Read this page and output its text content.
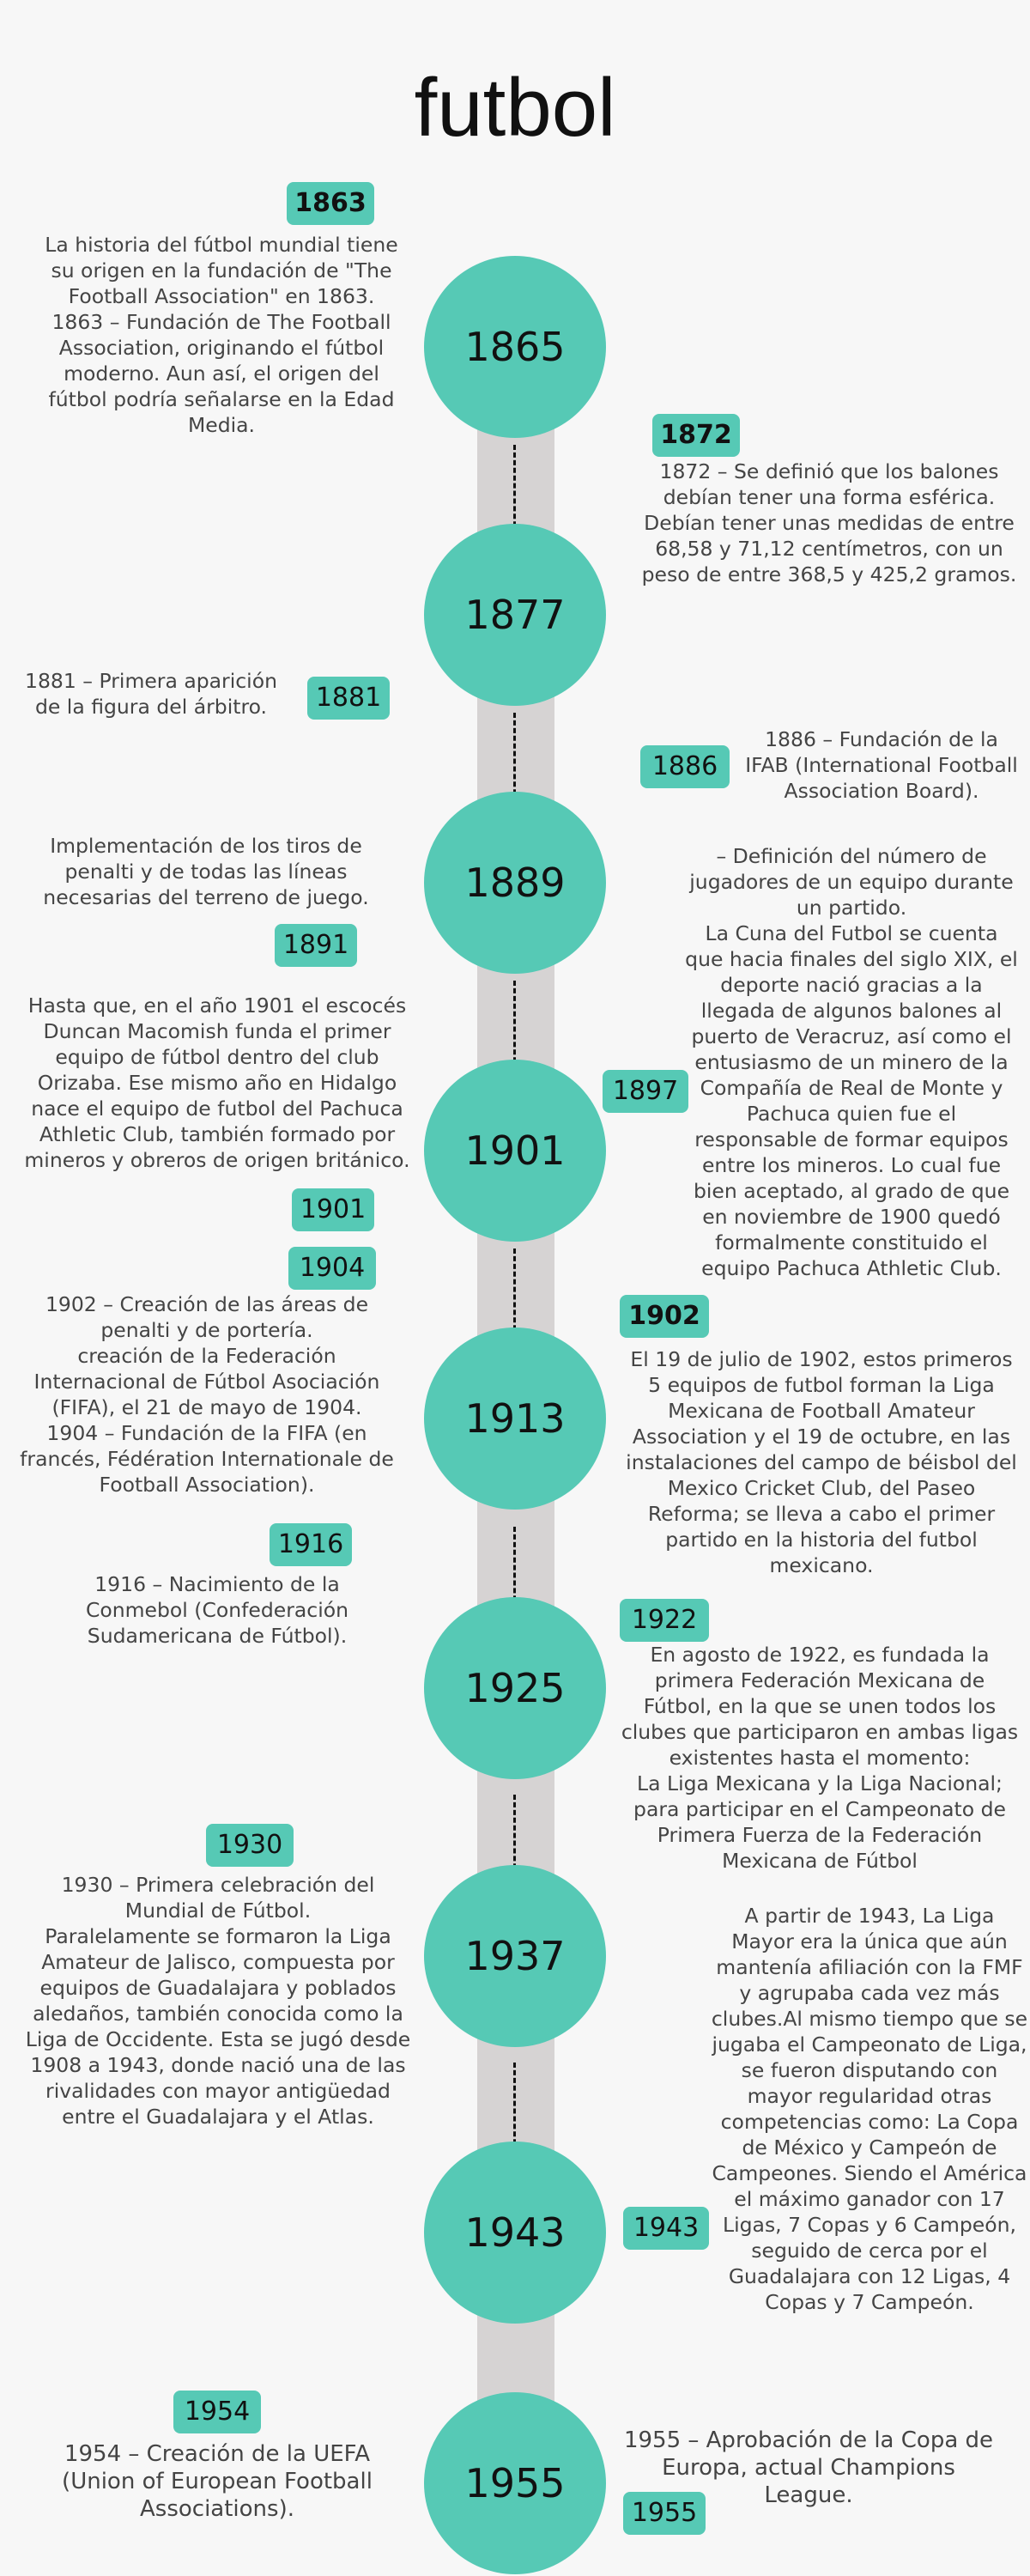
futbol
1865
1877
1889
1901
1913
1925
1937
1943
1955
1863
1872
1881
1886
1891
1897
1901
1904
1902
1916
1922
1930
1943
1954
1955

La historia del fútbol mundial tiene su origen en la fundación de "The Football Association" en 1863.
1863 – Fundación de The Football Association, originando el fútbol moderno. Aun así, el origen del fútbol podría señalarse en la Edad Media.

1872 – Se definió que los balones debían tener una forma esférica. Debían tener unas medidas de entre 68,58 y 71,12 centímetros, con un peso de entre 368,5 y 425,2 gramos.

1881 – Primera aparición de la figura del árbitro.

1886 – Fundación de la IFAB (International Football Association Board).

Implementación de los tiros de penalti y de todas las líneas necesarias del terreno de juego.

– Definición del número de jugadores de un equipo durante un partido.
La Cuna del Futbol se cuenta que hacia finales del siglo XIX, el deporte nació gracias a la llegada de algunos balones al puerto de Veracruz, así como el entusiasmo de un minero de la Compañía de Real de Monte y Pachuca quien fue el responsable de formar equipos entre los mineros. Lo cual fue bien aceptado, al grado de que en noviembre de 1900 quedó formalmente constituido el equipo Pachuca Athletic Club.

Hasta que, en el año 1901 el escocés Duncan Macomish funda el primer equipo de fútbol dentro del club Orizaba. Ese mismo año en Hidalgo nace el equipo de futbol del Pachuca Athletic Club, también formado por mineros y obreros de origen británico.

1902 – Creación de las áreas de penalti y de portería.
creación de la Federación Internacional de Fútbol Asociación (FIFA), el 21 de mayo de 1904.
1904 – Fundación de la FIFA (en francés, Fédération Internationale de Football Association).

El 19 de julio de 1902, estos primeros 5 equipos de futbol forman la Liga Mexicana de Football Amateur Association y el 19 de octubre, en las instalaciones del campo de béisbol del Mexico Cricket Club, del Paseo Reforma; se lleva a cabo el primer partido en la historia del futbol mexicano.

1916 – Nacimiento de la Conmebol (Confederación Sudamericana de Fútbol).

En agosto de 1922, es fundada la primera Federación Mexicana de Fútbol, en la que se unen todos los clubes que participaron en ambas ligas existentes hasta el momento:
La Liga Mexicana y la Liga Nacional; para participar en el Campeonato de Primera Fuerza de la Federación Mexicana de Fútbol

1930 – Primera celebración del Mundial de Fútbol.
Paralelamente se formaron la Liga Amateur de Jalisco, compuesta por equipos de Guadalajara y poblados aledaños, también conocida como la Liga de Occidente. Esta se jugó desde 1908 a 1943, donde nació una de las rivalidades con mayor antigüedad entre el Guadalajara y el Atlas.

A partir de 1943, La Liga Mayor era la única que aún mantenía afiliación con la FMF y agrupaba cada vez más clubes.Al mismo tiempo que se jugaba el Campeonato de Liga, se fueron disputando con mayor regularidad otras competencias como: La Copa de México y Campeón de Campeones. Siendo el América el máximo ganador con 17 Ligas, 7 Copas y 6 Campeón, seguido de cerca por el Guadalajara con 12 Ligas, 4 Copas y 7 Campeón.

1954 – Creación de la UEFA (Union of European Football Associations).

1955 – Aprobación de la Copa de Europa, actual Champions League.
